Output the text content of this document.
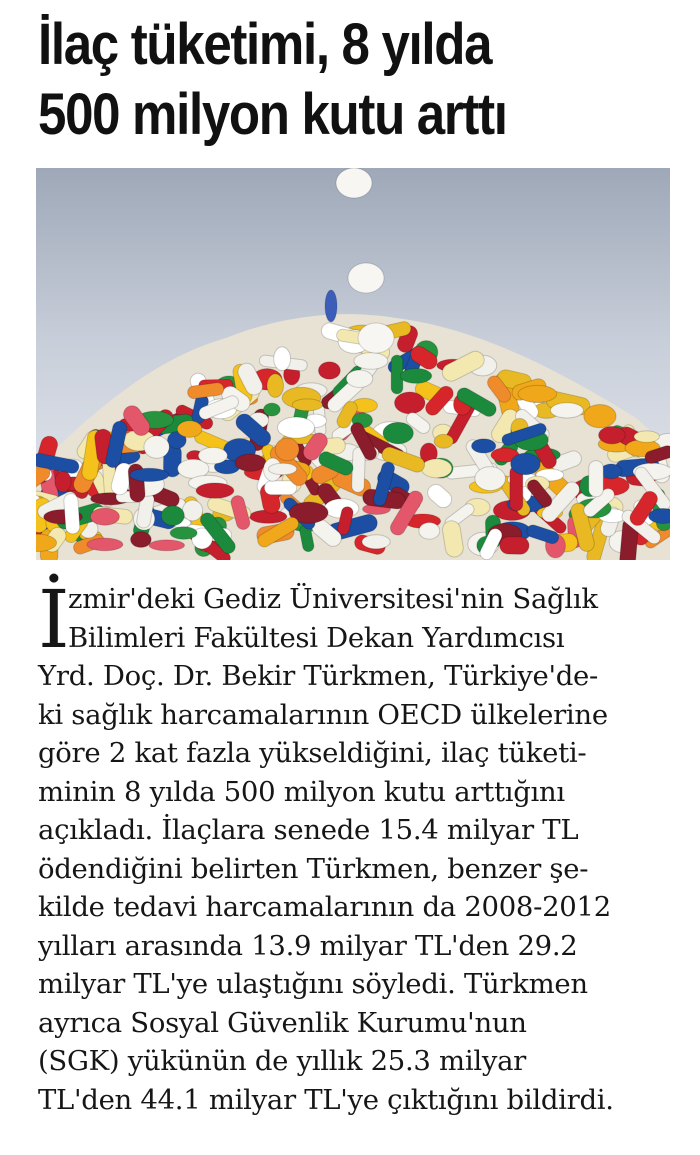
İlaç tüketimi, 8 yılda
500 milyon kutu arttı
İ
zmir'deki Gediz Üniversitesi'nin Sağlık
Bilimleri Fakültesi Dekan Yardımcısı
Yrd. Doç. Dr. Bekir Türkmen, Türkiye'de-
ki sağlık harcamalarının OECD ülkelerine
göre 2 kat fazla yükseldiğini, ilaç tüketi-
minin 8 yılda 500 milyon kutu arttığını
açıkladı. İlaçlara senede 15.4 milyar TL
ödendiğini belirten Türkmen, benzer şe-
kilde tedavi harcamalarının da 2008-2012
yılları arasında 13.9 milyar TL'den 29.2
milyar TL'ye ulaştığını söyledi. Türkmen
ayrıca Sosyal Güvenlik Kurumu'nun
(SGK) yükünün de yıllık 25.3 milyar
TL'den 44.1 milyar TL'ye çıktığını bildirdi.
